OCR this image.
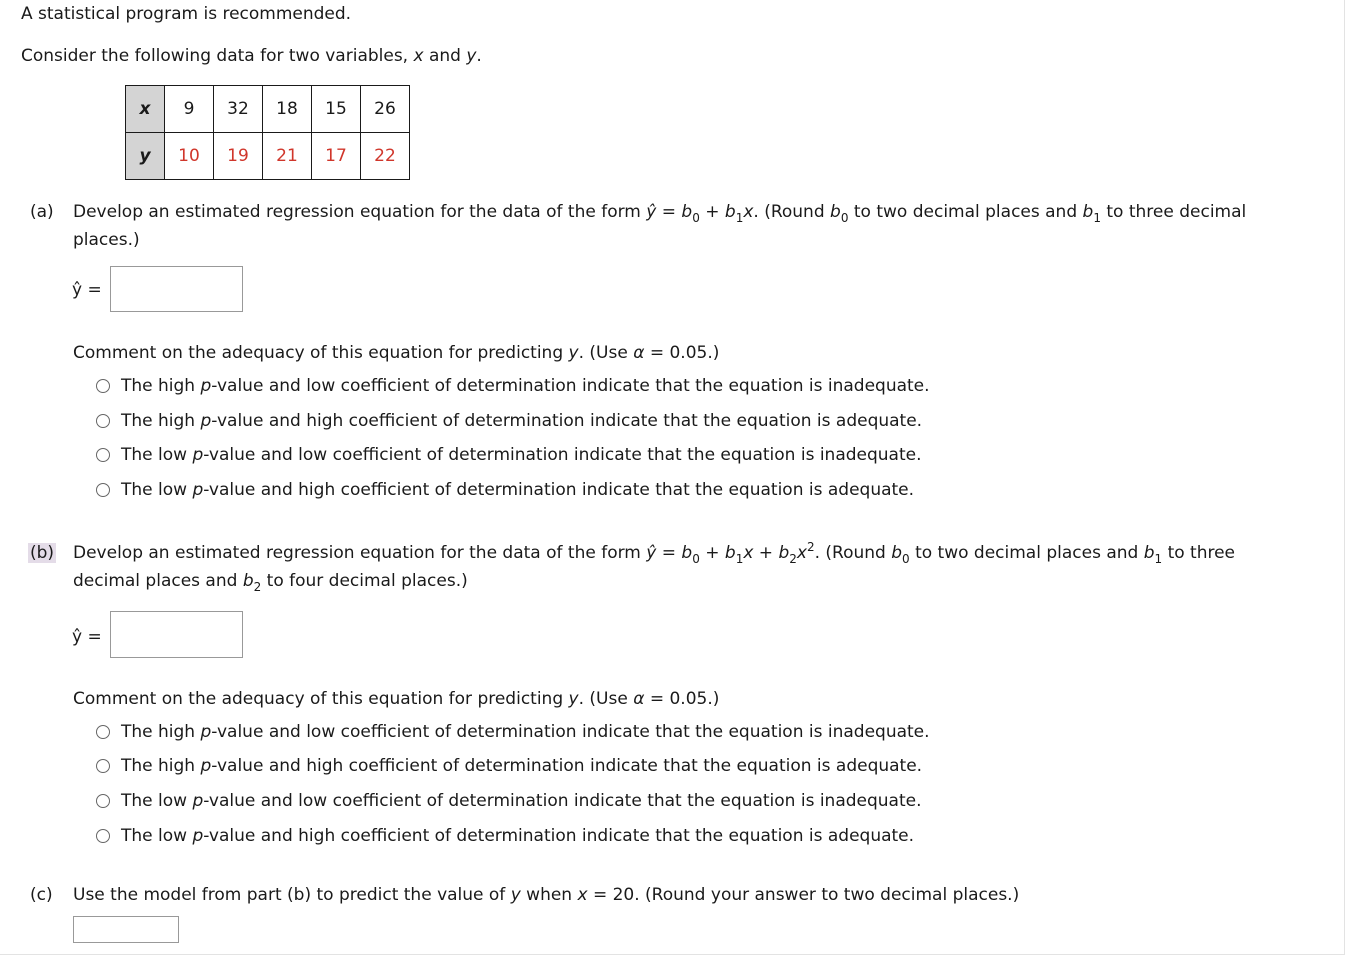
A statistical program is recommended.
Consider the following data for two variables, x and y.
x	9	32	18	15	26
y	10	19	21	17	22
(a) Develop an estimated regression equation for the data of the form ŷ = $b_0 + b_1x$. (Round $b_0$ to two decimal places and $b_1$ to three decimal
places.)
ŷ =
Comment on the adequacy of this equation for predicting y. (Use α = 0.05.)
The high p-value and low coefficient of determination indicate that the equation is inadequate.
The high p-value and high coefficient of determination indicate that the equation is adequate.
The low p-value and low coefficient of determination indicate that the equation is inadequate.
The low p-value and high coefficient of determination indicate that the equation is adequate.
(b) Develop an estimated regression equation for the data of the form ŷ = $b_0 + b_1x + b_2x^2$. (Round $b_0$ to two decimal places and $b_1$ to three
decimal places and $b_2$ to four decimal places.)
ŷ =
Comment on the adequacy of this equation for predicting y. (Use α = 0.05.)
The high p-value and low coefficient of determination indicate that the equation is inadequate.
The high p-value and high coefficient of determination indicate that the equation is adequate.
The low p-value and low coefficient of determination indicate that the equation is inadequate.
The low p-value and high coefficient of determination indicate that the equation is adequate.
(c) Use the model from part (b) to predict the value of y when x = 20. (Round your answer to two decimal places.)
